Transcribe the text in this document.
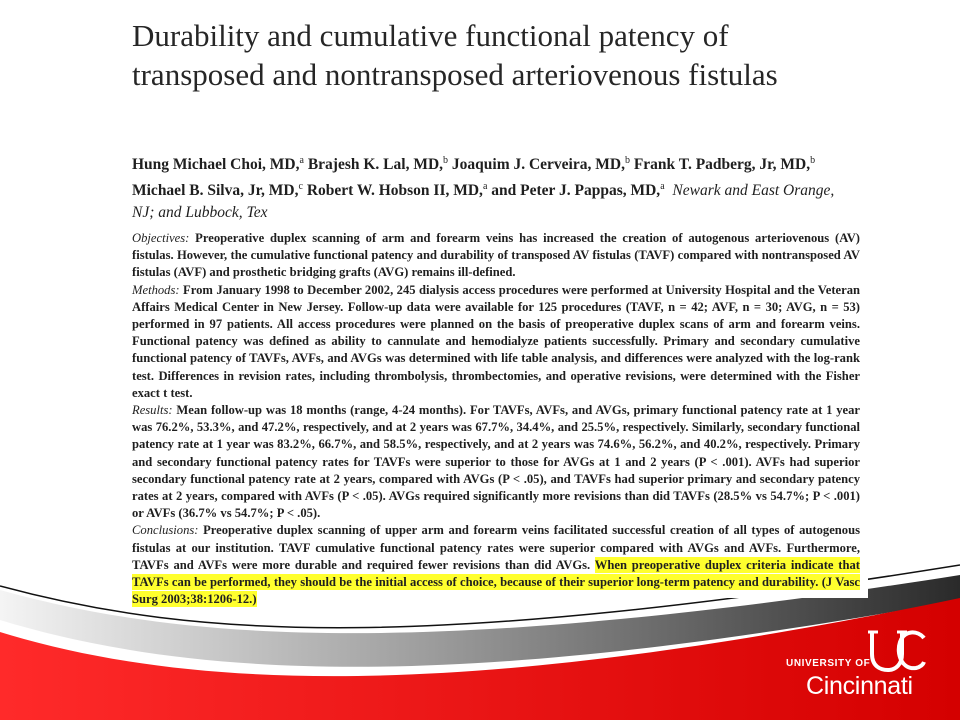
Durability and cumulative functional patency of transposed and nontransposed arteriovenous fistulas
Hung Michael Choi, MD,$^a$ Brajesh K. Lal, MD,$^b$ Joaquim J. Cerveira, MD,$^b$ Frank T. Padberg, Jr, MD,$^b$ Michael B. Silva, Jr, MD,$^c$ Robert W. Hobson II, MD,$^a$ and Peter J. Pappas, MD,$^a$ Newark and East Orange, NJ; and Lubbock, Tex

Objectives: Preoperative duplex scanning of arm and forearm veins has increased the creation of autogenous arteriovenous (AV) fistulas. However, the cumulative functional patency and durability of transposed AV fistulas (TAVF) compared with nontransposed AV fistulas (AVF) and prosthetic bridging grafts (AVG) remains ill-defined.

Methods: From January 1998 to December 2002, 245 dialysis access procedures were performed at University Hospital and the Veteran Affairs Medical Center in New Jersey. Follow-up data were available for 125 procedures (TAVF, n = 42; AVF, n = 30; AVG, n = 53) performed in 97 patients. All access procedures were planned on the basis of preoperative duplex scans of arm and forearm veins. Functional patency was defined as ability to cannulate and hemodialyze patients successfully. Primary and secondary cumulative functional patency of TAVFs, AVFs, and AVGs was determined with life table analysis, and differences were analyzed with the log-rank test. Differences in revision rates, including thrombolysis, thrombectomies, and operative revisions, were determined with the Fisher exact t test.

Results: Mean follow-up was 18 months (range, 4-24 months). For TAVFs, AVFs, and AVGs, primary functional patency rate at 1 year was 76.2%, 53.3%, and 47.2%, respectively, and at 2 years was 67.7%, 34.4%, and 25.5%, respectively. Similarly, secondary functional patency rate at 1 year was 83.2%, 66.7%, and 58.5%, respectively, and at 2 years was 74.6%, 56.2%, and 40.2%, respectively. Primary and secondary functional patency rates for TAVFs were superior to those for AVGs at 1 and 2 years (P < .001). AVFs had superior secondary functional patency rate at 2 years, compared with AVGs (P < .05), and TAVFs had superior primary and secondary patency rates at 2 years, compared with AVFs (P < .05). AVGs required significantly more revisions than did TAVFs (28.5% vs 54.7%; P < .001) or AVFs (36.7% vs 54.7%; P < .05).

Conclusions: Preoperative duplex scanning of upper arm and forearm veins facilitated successful creation of all types of autogenous fistulas at our institution. TAVF cumulative functional patency rates were superior compared with AVGs and AVFs. Furthermore, TAVFs and AVFs were more durable and required fewer revisions than did AVGs. When preoperative duplex criteria indicate that TAVFs can be performed, they should be the initial access of choice, because of their superior long-term patency and durability. (J Vasc Surg 2003;38:1206-12.)

UNIVERSITY OF
Cincinnati
